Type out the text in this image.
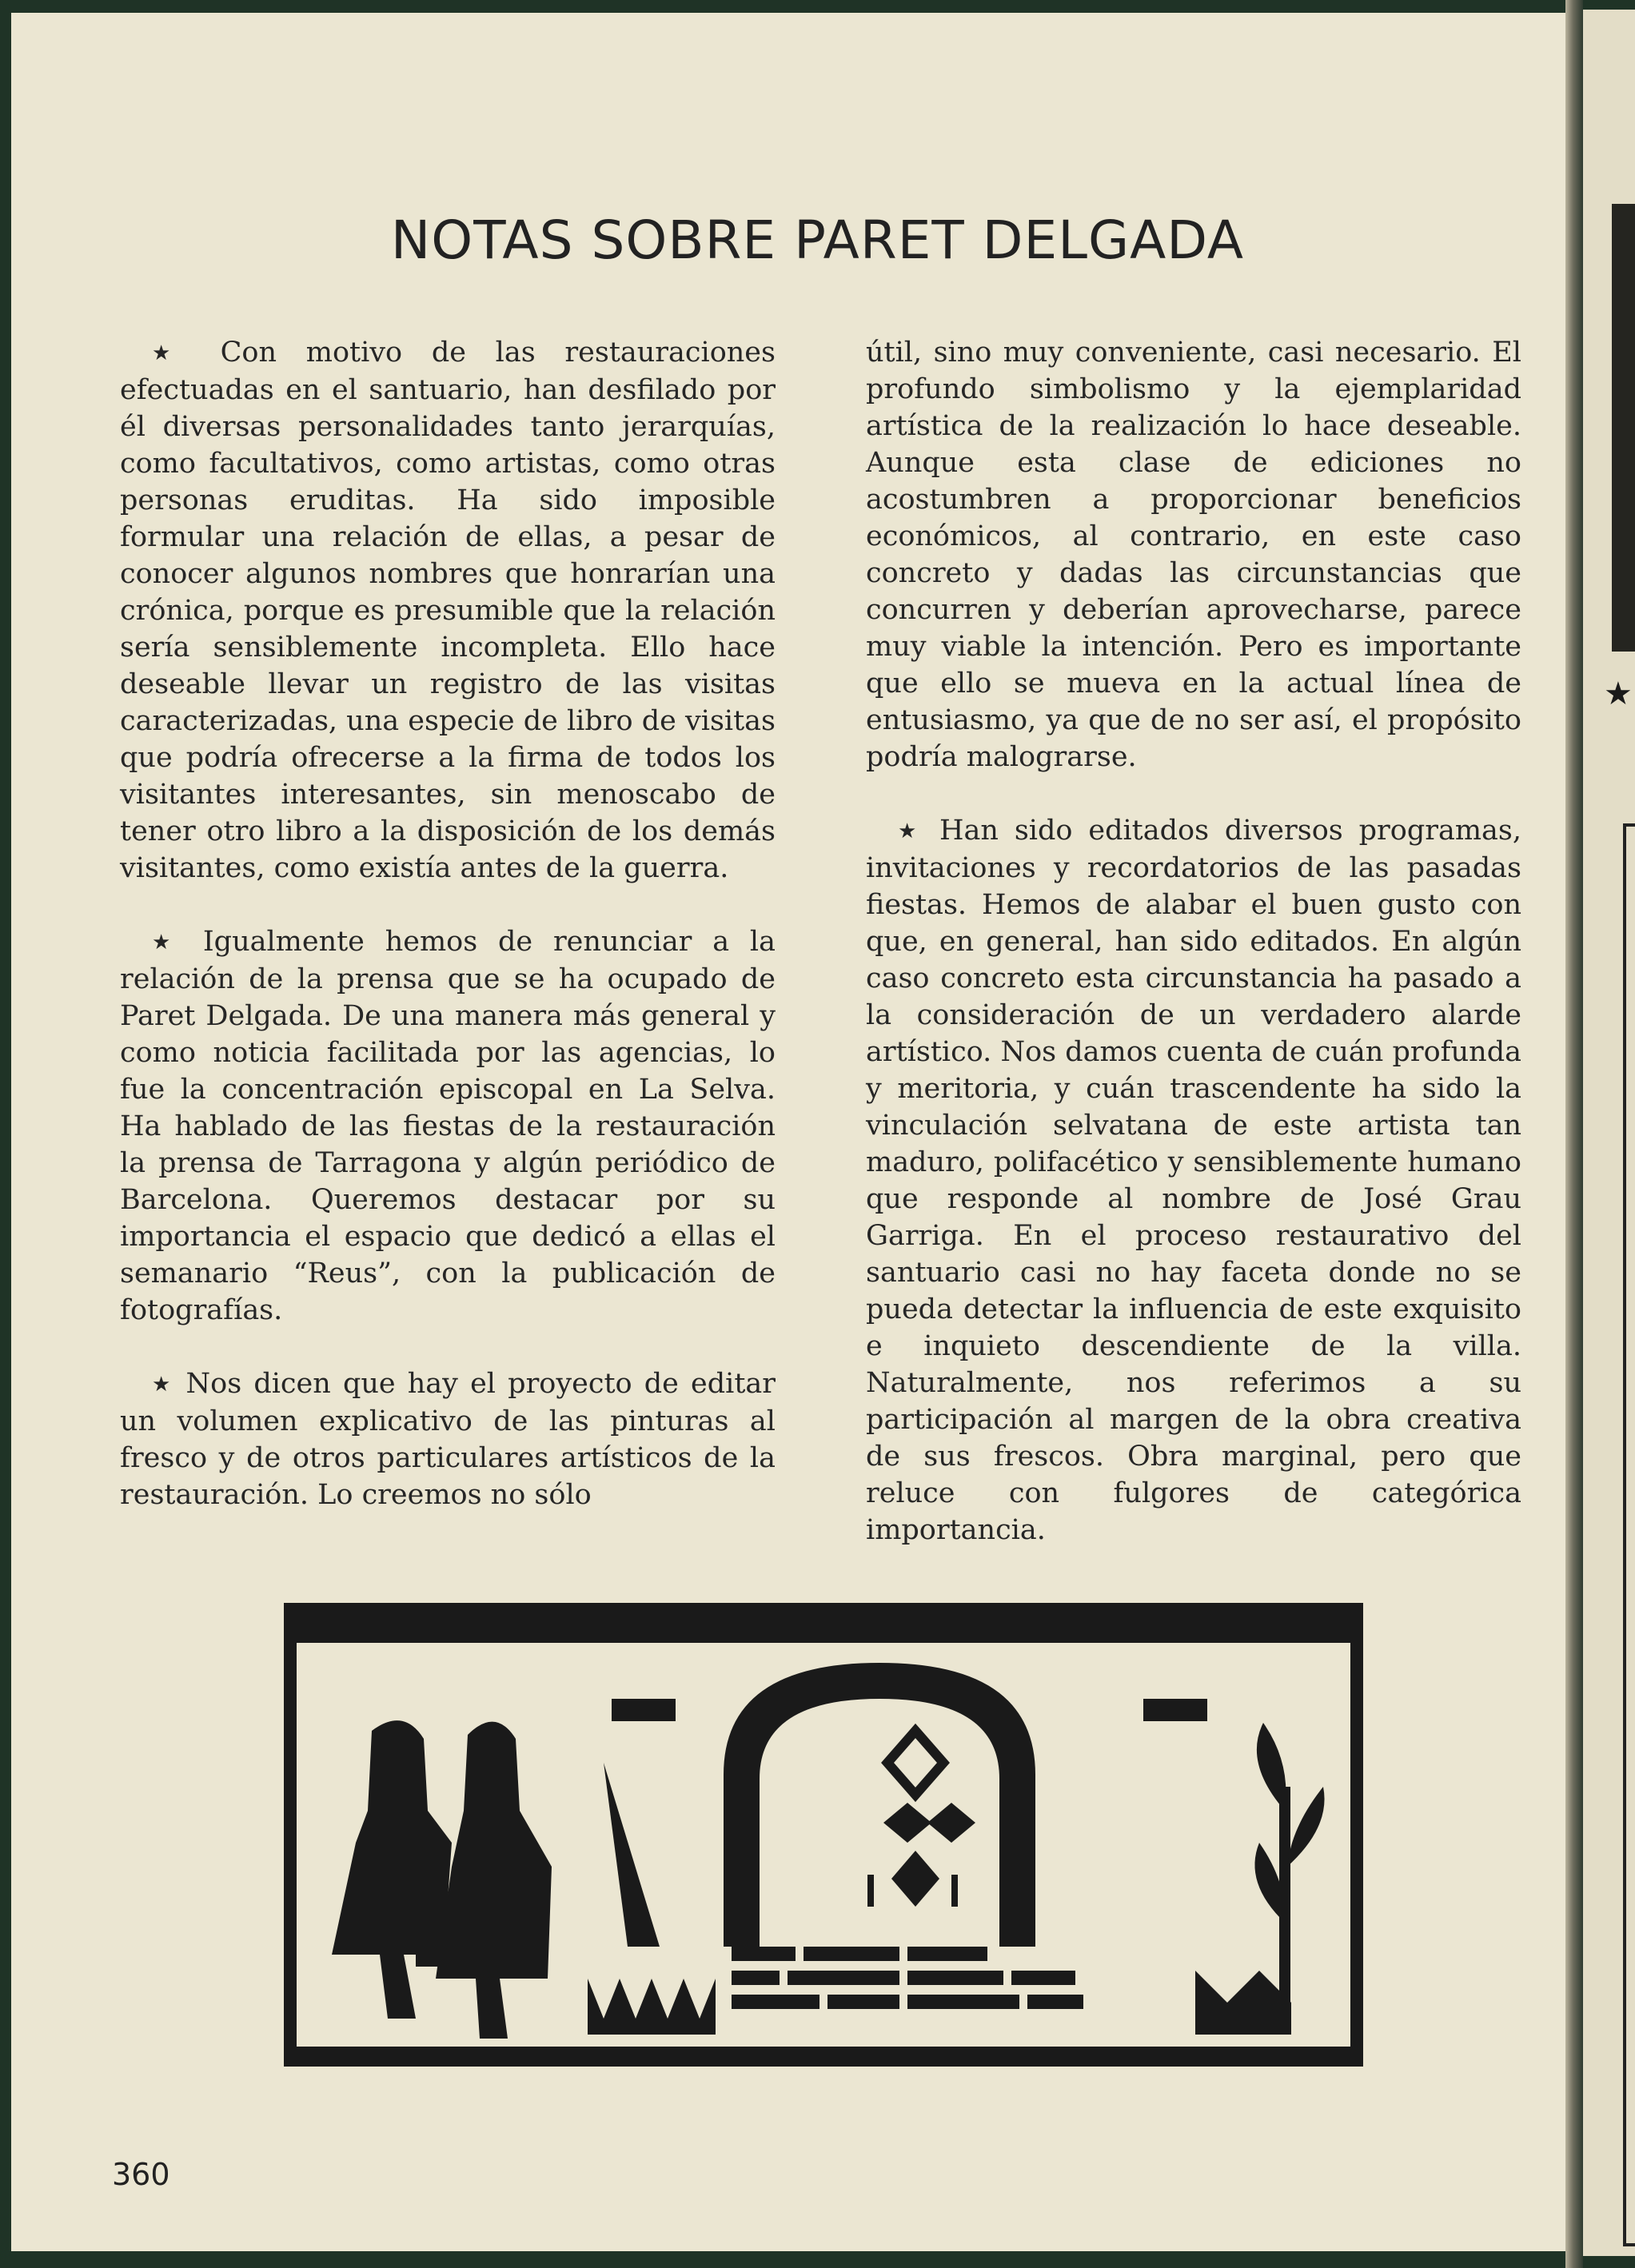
★
NOTAS SOBRE PARET DELGADA

★ Con motivo de las restauraciones efectuadas en el santuario, han desfilado por él diversas personalidades tanto jerarquías, como facultativos, como artistas, como otras personas eruditas. Ha sido imposible formular una relación de ellas, a pesar de conocer algunos nombres que honrarían una crónica, porque es presumible que la relación sería sensiblemente incompleta. Ello hace deseable llevar un registro de las visitas caracterizadas, una especie de libro de visitas que podría ofrecerse a la firma de todos los visitantes interesantes, sin menoscabo de tener otro libro a la disposición de los demás visitantes, como existía antes de la guerra.

★ Igualmente hemos de renunciar a la relación de la prensa que se ha ocupado de Paret Delgada. De una manera más general y como noticia facilitada por las agencias, lo fue la concentración episcopal en La Selva. Ha hablado de las fiestas de la restauración la prensa de Tarragona y algún periódico de Barcelona. Queremos destacar por su importancia el espacio que dedicó a ellas el semanario “Reus”, con la publicación de fotografías.

★ Nos dicen que hay el proyecto de editar un volumen explicativo de las pinturas al fresco y de otros particulares artísticos de la restauración. Lo creemos no sólo

útil, sino muy conveniente, casi necesario. El profundo simbolismo y la ejemplaridad artística de la realización lo hace deseable. Aunque esta clase de ediciones no acostumbren a proporcionar beneficios económicos, al contrario, en este caso concreto y dadas las circunstancias que concurren y deberían aprovecharse, parece muy viable la intención. Pero es importante que ello se mueva en la actual línea de entusiasmo, ya que de no ser así, el propósito podría malograrse.

★ Han sido editados diversos programas, invitaciones y recordatorios de las pasadas fiestas. Hemos de alabar el buen gusto con que, en general, han sido editados. En algún caso concreto esta circunstancia ha pasado a la consideración de un verdadero alarde artístico. Nos damos cuenta de cuán profunda y meritoria, y cuán trascendente ha sido la vinculación selvatana de este artista tan maduro, polifacético y sensiblemente humano que responde al nombre de José Grau Garriga. En el proceso restaurativo del santuario casi no hay faceta donde no se pueda detectar la influencia de este exquisito e inquieto descendiente de la villa. Naturalmente, nos referimos a su participación al margen de la obra creativa de sus frescos. Obra marginal, pero que reluce con fulgores de categórica importancia.

360
